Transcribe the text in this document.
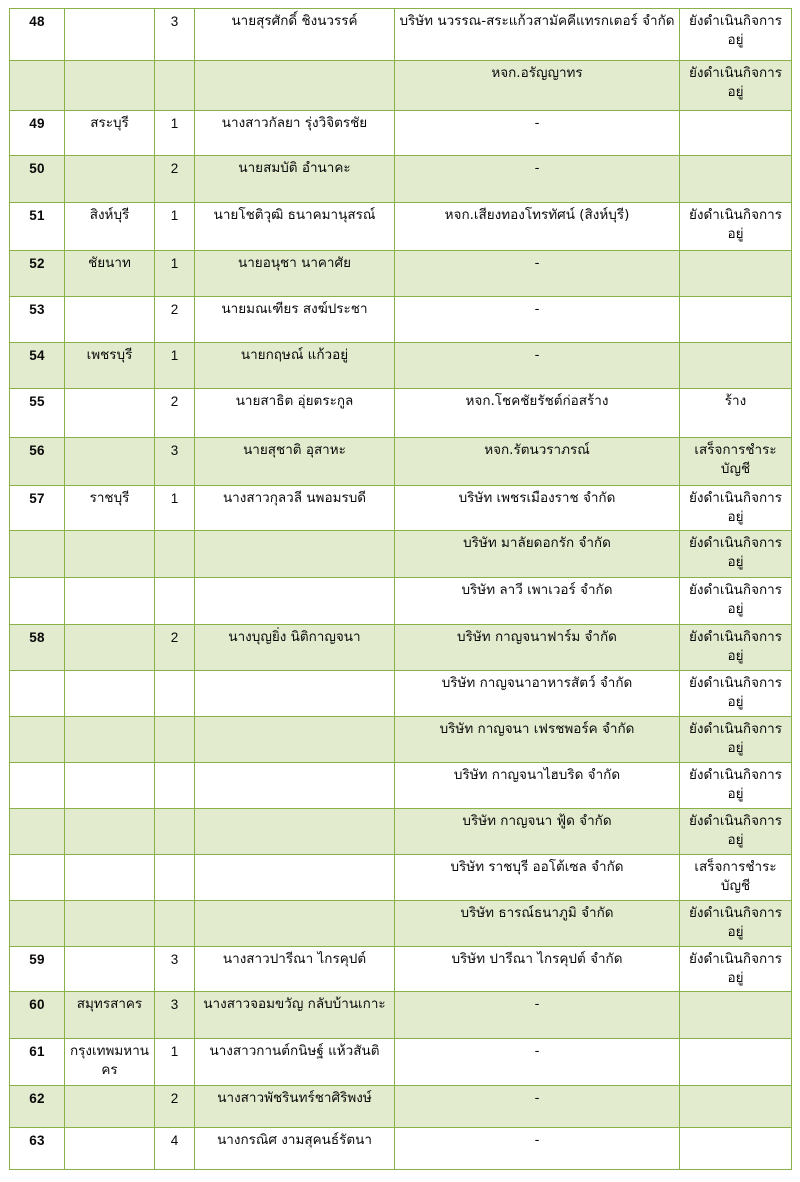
48		3	นายสุรศักดิ์ ชิงนวรรค์	บริษัท นวรรณ-สระแก้วสามัคคีแทรกเตอร์ จำกัด	ยังดำเนินกิจการอยู่
				หจก.อรัญญาทร	ยังดำเนินกิจการอยู่
49	สระบุรี	1	นางสาวกัลยา รุ่งวิจิตรชัย	-	
50		2	นายสมบัติ อำนาคะ	-	
51	สิงห์บุรี	1	นายโชติวุฒิ ธนาคมานุสรณ์	หจก.เสียงทองโทรทัศน์ (สิงห์บุรี)	ยังดำเนินกิจการอยู่
52	ชัยนาท	1	นายอนุชา นาคาศัย	-	
53		2	นายมณเฑียร สงฆ์ประชา	-	
54	เพชรบุรี	1	นายกฤษณ์ แก้วอยู่	-	
55		2	นายสาธิต อุ่ยตระกูล	หจก.โชคชัยรัชต์ก่อสร้าง	ร้าง
56		3	นายสุชาติ อุสาหะ	หจก.รัตนวราภรณ์	เสร็จการชำระบัญชี
57	ราชบุรี	1	นางสาวกุลวลี นพอมรบดี	บริษัท เพชรเมืองราช จำกัด	ยังดำเนินกิจการอยู่
				บริษัท มาลัยดอกรัก จำกัด	ยังดำเนินกิจการอยู่
				บริษัท ลาวี เพาเวอร์ จำกัด	ยังดำเนินกิจการอยู่
58		2	นางบุญยิ่ง นิติกาญจนา	บริษัท กาญจนาฟาร์ม จำกัด	ยังดำเนินกิจการอยู่
				บริษัท กาญจนาอาหารสัตว์ จำกัด	ยังดำเนินกิจการอยู่
				บริษัท กาญจนา เฟรชพอร์ค จำกัด	ยังดำเนินกิจการอยู่
				บริษัท กาญจนาไฮบริด จำกัด	ยังดำเนินกิจการอยู่
				บริษัท กาญจนา ฟู้ด จำกัด	ยังดำเนินกิจการอยู่
				บริษัท ราชบุรี ออโต้เซล จำกัด	เสร็จการชำระบัญชี
				บริษัท ธารณ์ธนาภูมิ จำกัด	ยังดำเนินกิจการอยู่
59		3	นางสาวปารีณา ไกรคุปต์	บริษัท ปารีณา ไกรคุปต์ จำกัด	ยังดำเนินกิจการอยู่
60	สมุทรสาคร	3	นางสาวจอมขวัญ กลับบ้านเกาะ	-	
61	กรุงเทพมหานคร	1	นางสาวกานต์กนิษฐ์ แห้วสันติ	-	
62		2	นางสาวพัชรินทร์ชาศิริพงษ์	-	
63		4	นางกรณิศ งามสุคนธ์รัตนา	-	
